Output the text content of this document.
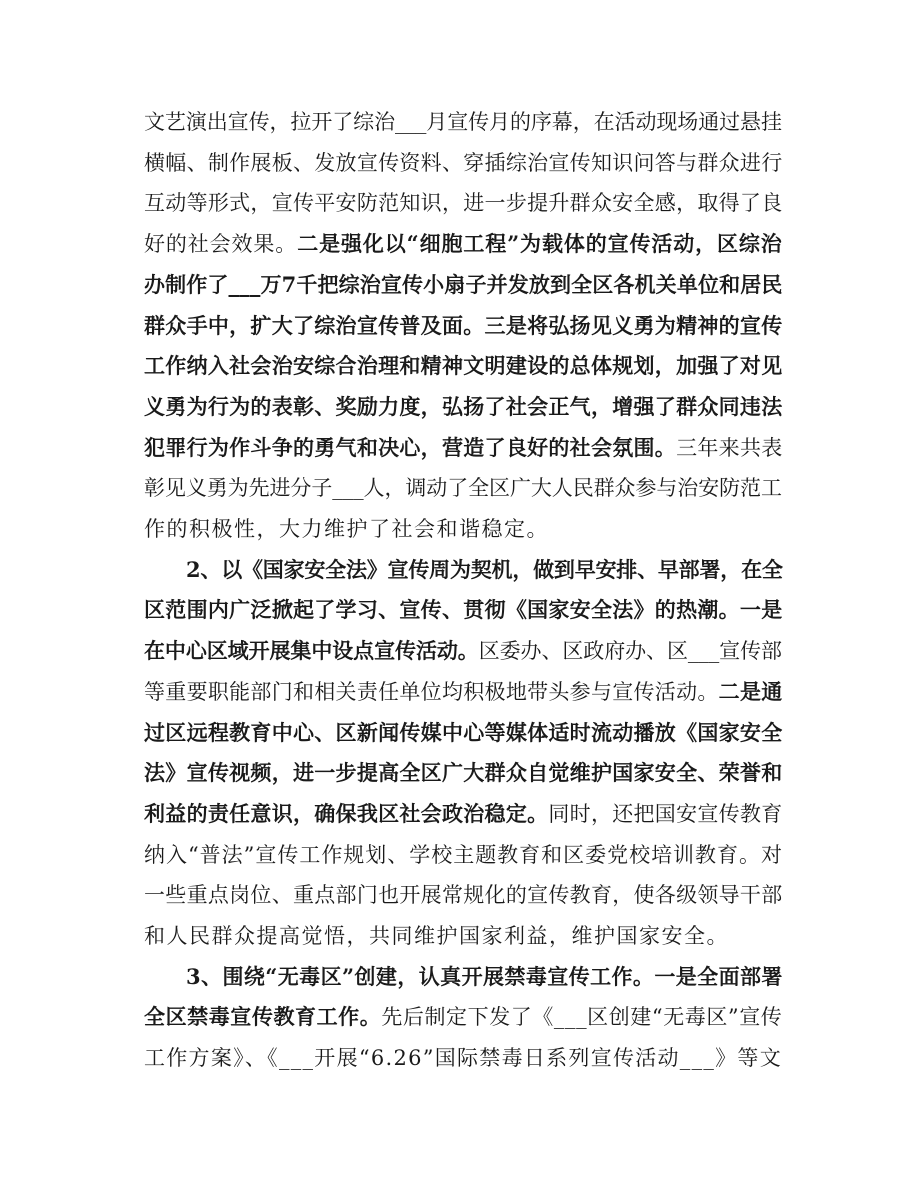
文艺演出宣传，拉开了综治___月宣传月的序幕，在活动现场通过悬挂
横幅、制作展板、发放宣传资料、穿插综治宣传知识问答与群众进行
互动等形式，宣传平安防范知识，进一步提升群众安全感，取得了良
好的社会效果。二是强化以“细胞工程”为载体的宣传活动，区综治
办制作了___万7千把综治宣传小扇子并发放到全区各机关单位和居民
群众手中，扩大了综治宣传普及面。三是将弘扬见义勇为精神的宣传
工作纳入社会治安综合治理和精神文明建设的总体规划，加强了对见
义勇为行为的表彰、奖励力度，弘扬了社会正气，增强了群众同违法
犯罪行为作斗争的勇气和决心，营造了良好的社会氛围。三年来共表
彰见义勇为先进分子___人，调动了全区广大人民群众参与治安防范工
作的积极性，大力维护了社会和谐稳定。
2、以《国家安全法》宣传周为契机，做到早安排、早部署，在全
区范围内广泛掀起了学习、宣传、贯彻《国家安全法》的热潮。一是
在中心区域开展集中设点宣传活动。区委办、区政府办、区___宣传部
等重要职能部门和相关责任单位均积极地带头参与宣传活动。二是通
过区远程教育中心、区新闻传媒中心等媒体适时流动播放《国家安全
法》宣传视频，进一步提高全区广大群众自觉维护国家安全、荣誉和
利益的责任意识，确保我区社会政治稳定。同时，还把国安宣传教育
纳入“普法”宣传工作规划、学校主题教育和区委党校培训教育。对
一些重点岗位、重点部门也开展常规化的宣传教育，使各级领导干部
和人民群众提高觉悟，共同维护国家利益，维护国家安全。
3、围绕“无毒区”创建，认真开展禁毒宣传工作。一是全面部署
全区禁毒宣传教育工作。先后制定下发了《___区创建“无毒区”宣传
工作方案》、《___开展“6.26”国际禁毒日系列宣传活动___》等文
